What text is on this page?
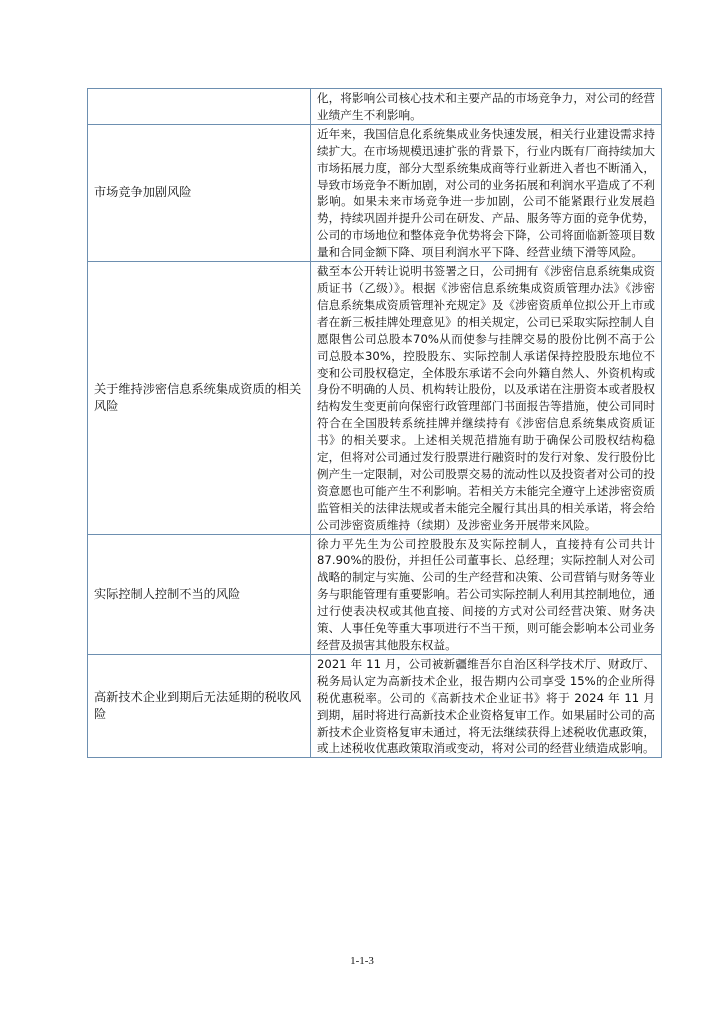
	化，将影响公司核心技术和主要产品的市场竞争力，对公司的经营业绩产生不利影响。
市场竞争加剧风险	近年来，我国信息化系统集成业务快速发展，相关行业建设需求持续扩大。在市场规模迅速扩张的背景下，行业内既有厂商持续加大市场拓展力度，部分大型系统集成商等行业新进入者也不断涌入，导致市场竞争不断加剧，对公司的业务拓展和利润水平造成了不利影响。如果未来市场竞争进一步加剧，公司不能紧跟行业发展趋势，持续巩固并提升公司在研发、产品、服务等方面的竞争优势，公司的市场地位和整体竞争优势将会下降，公司将面临新签项目数量和合同金额下降、项目利润水平下降、经营业绩下滑等风险。
关于维持涉密信息系统集成资质的相关风险	截至本公开转让说明书签署之日，公司拥有《涉密信息系统集成资质证书（乙级）》。根据《涉密信息系统集成资质管理办法》《涉密信息系统集成资质管理补充规定》及《涉密资质单位拟公开上市或者在新三板挂牌处理意见》的相关规定，公司已采取实际控制人自愿限售公司总股本70%从而使参与挂牌交易的股份比例不高于公司总股本30%，控股股东、实际控制人承诺保持控股股东地位不变和公司股权稳定，全体股东承诺不会向外籍自然人、外资机构或身份不明确的人员、机构转让股份，以及承诺在注册资本或者股权结构发生变更前向保密行政管理部门书面报告等措施，使公司同时符合在全国股转系统挂牌并继续持有《涉密信息系统集成资质证书》的相关要求。上述相关规范措施有助于确保公司股权结构稳定，但将对公司通过发行股票进行融资时的发行对象、发行股份比例产生一定限制，对公司股票交易的流动性以及投资者对公司的投资意愿也可能产生不利影响。若相关方未能完全遵守上述涉密资质监管相关的法律法规或者未能完全履行其出具的相关承诺，将会给公司涉密资质维持（续期）及涉密业务开展带来风险。
实际控制人控制不当的风险	徐力平先生为公司控股股东及实际控制人，直接持有公司共计 87.90%的股份，并担任公司董事长、总经理；实际控制人对公司战略的制定与实施、公司的生产经营和决策、公司营销与财务等业务与职能管理有重要影响。若公司实际控制人利用其控制地位，通过行使表决权或其他直接、间接的方式对公司经营决策、财务决策、人事任免等重大事项进行不当干预，则可能会影响本公司业务经营及损害其他股东权益。
高新技术企业到期后无法延期的税收风险	2021 年 11 月，公司被新疆维吾尔自治区科学技术厅、财政厅、税务局认定为高新技术企业，报告期内公司享受 15%的企业所得税优惠税率。公司的《高新技术企业证书》将于 2024 年 11 月到期，届时将进行高新技术企业资格复审工作。如果届时公司的高新技术企业资格复审未通过，将无法继续获得上述税收优惠政策，或上述税收优惠政策取消或变动，将对公司的经营业绩造成影响。
1-1-3
